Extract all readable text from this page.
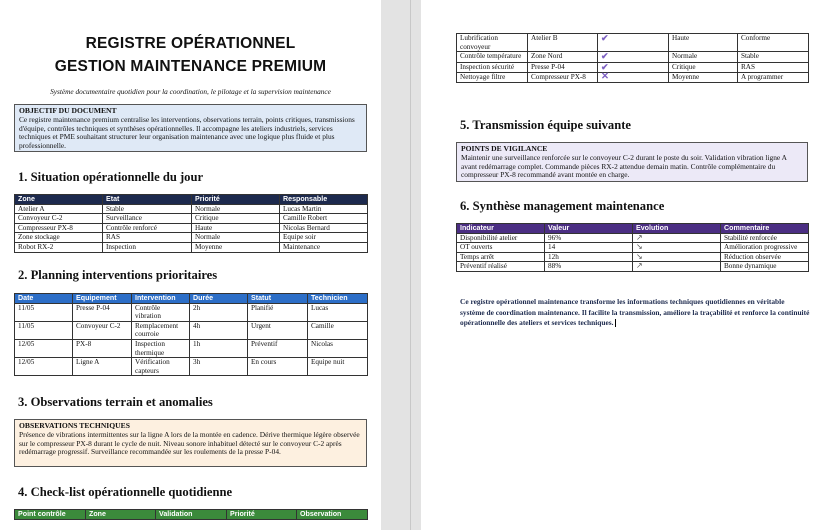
REGISTRE OPÉRATIONNEL
GESTION MAINTENANCE PREMIUM
Système documentaire quotidien pour la coordination, le pilotage et la supervision maintenance
OBJECTIF DU DOCUMENT
Ce registre maintenance premium centralise les interventions, observations terrain, points critiques, transmissions d'équipe, contrôles techniques et synthèses opérationnelles. Il accompagne les ateliers industriels, services techniques et PME souhaitant structurer leur organisation maintenance avec une logique plus fluide et plus professionnelle.
1. Situation opérationnelle du jour
Zone	Etat	Priorité	Responsable
Atelier A	Stable	Normale	Lucas Martin
Convoyeur C-2	Surveillance	Critique	Camille Robert
Compresseur PX-8	Contrôle renforcé	Haute	Nicolas Bernard
Zone stockage	RAS	Normale	Equipe soir
Robot RX-2	Inspection	Moyenne	Maintenance
2. Planning interventions prioritaires
Date	Equipement	Intervention	Durée	Statut	Technicien
11/05	Presse P-04	Contrôle vibration	2h	Planifié	Lucas
11/05	Convoyeur C-2	Remplacement courroie	4h	Urgent	Camille
12/05	PX-8	Inspection thermique	1h	Préventif	Nicolas
12/05	Ligne A	Vérification capteurs	3h	En cours	Equipe nuit
3. Observations terrain et anomalies
OBSERVATIONS TECHNIQUES
Présence de vibrations intermittentes sur la ligne A lors de la montée en cadence. Dérive thermique légère observée sur le compresseur PX-8 durant le cycle de nuit. Niveau sonore inhabituel détecté sur le convoyeur C-2 après redémarrage progressif. Surveillance recommandée sur les roulements de la presse P-04.
4. Check-list opérationnelle quotidienne
Point contrôle	Zone	Validation	Priorité	Observation
Lubrification convoyeur	Atelier B	✔	Haute	Conforme
Contrôle température	Zone Nord	✔	Normale	Stable
Inspection sécurité	Presse P-04	✔	Critique	RAS
Nettoyage filtre	Compresseur PX-8	✕	Moyenne	A programmer
5. Transmission équipe suivante
POINTS DE VIGILANCE
Maintenir une surveillance renforcée sur le convoyeur C-2 durant le poste du soir. Validation vibration ligne A avant redémarrage complet. Commande pièces RX-2 attendue demain matin. Contrôle complémentaire du compresseur PX-8 recommandé avant montée en charge.
6. Synthèse management maintenance
Indicateur	Valeur	Evolution	Commentaire
Disponibilité atelier	96%	↗	Stabilité renforcée
OT ouverts	14	↘	Amélioration progressive
Temps arrêt	12h	↘	Réduction observée
Préventif réalisé	88%	↗	Bonne dynamique
Ce registre opérationnel maintenance transforme les informations techniques quotidiennes en véritable système de coordination maintenance. Il facilite la transmission, améliore la traçabilité et renforce la continuité opérationnelle des ateliers et services techniques.
